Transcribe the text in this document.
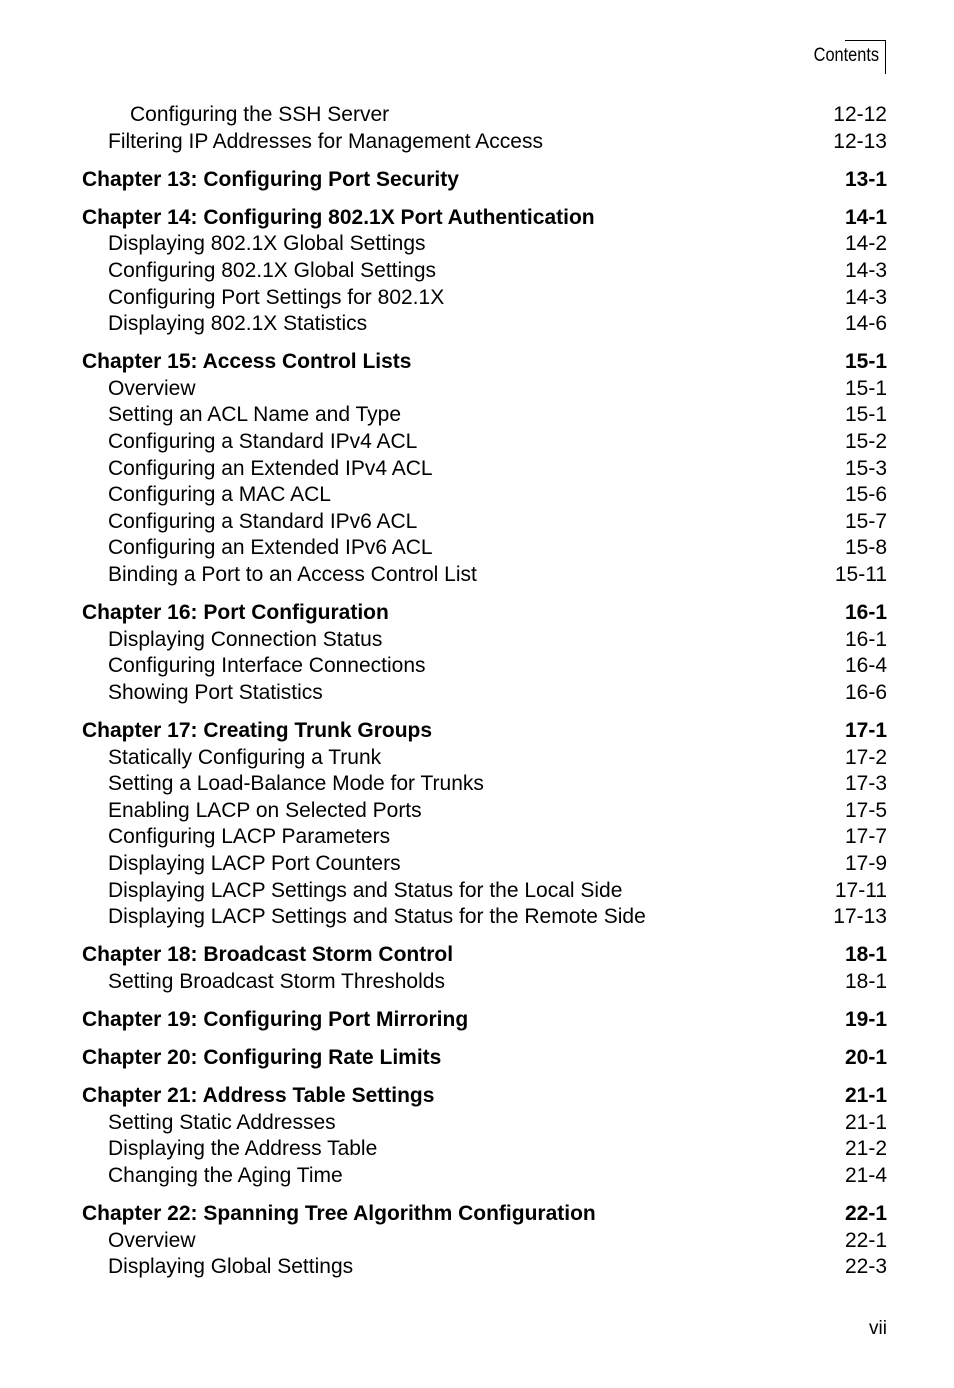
Contents
Configuring the SSH Server	12-12
Filtering IP Addresses for Management Access	12-13
Chapter 13: Configuring Port Security	13-1
Chapter 14: Configuring 802.1X Port Authentication	14-1
Displaying 802.1X Global Settings	14-2
Configuring 802.1X Global Settings	14-3
Configuring Port Settings for 802.1X	14-3
Displaying 802.1X Statistics	14-6
Chapter 15: Access Control Lists	15-1
Overview	15-1
Setting an ACL Name and Type	15-1
Configuring a Standard IPv4 ACL	15-2
Configuring an Extended IPv4 ACL	15-3
Configuring a MAC ACL	15-6
Configuring a Standard IPv6 ACL	15-7
Configuring an Extended IPv6 ACL	15-8
Binding a Port to an Access Control List	15-11
Chapter 16: Port Configuration	16-1
Displaying Connection Status	16-1
Configuring Interface Connections	16-4
Showing Port Statistics	16-6
Chapter 17: Creating Trunk Groups	17-1
Statically Configuring a Trunk	17-2
Setting a Load-Balance Mode for Trunks	17-3
Enabling LACP on Selected Ports	17-5
Configuring LACP Parameters	17-7
Displaying LACP Port Counters	17-9
Displaying LACP Settings and Status for the Local Side	17-11
Displaying LACP Settings and Status for the Remote Side	17-13
Chapter 18: Broadcast Storm Control	18-1
Setting Broadcast Storm Thresholds	18-1
Chapter 19: Configuring Port Mirroring	19-1
Chapter 20: Configuring Rate Limits	20-1
Chapter 21: Address Table Settings	21-1
Setting Static Addresses	21-1
Displaying the Address Table	21-2
Changing the Aging Time	21-4
Chapter 22: Spanning Tree Algorithm Configuration	22-1
Overview	22-1
Displaying Global Settings	22-3
vii
